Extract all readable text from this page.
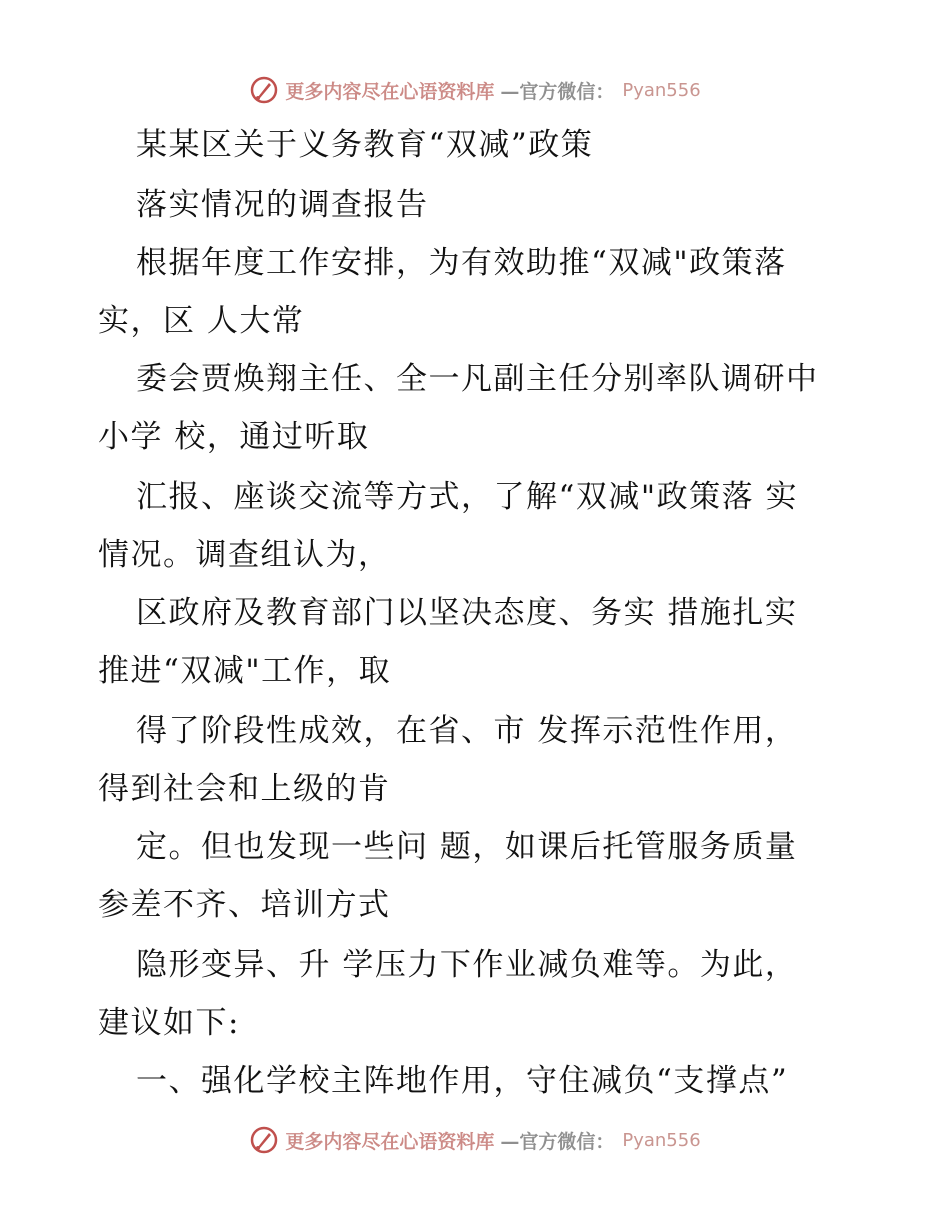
更多内容尽在心语资料库 —官方微信： Pyan556
某某区关于义务教育“双减”政策
落实情况的调查报告
根据年度工作安排，为有效助推“双减"政策落
实，区 人大常
委会贾焕翔主任、全一凡副主任分别率队调研中
小学 校，通过听取
汇报、座谈交流等方式，了解“双减"政策落 实
情况。调查组认为，
区政府及教育部门以坚决态度、务实 措施扎实
推进“双减"工作，取
得了阶段性成效，在省、市 发挥示范性作用，
得到社会和上级的肯
定。但也发现一些问 题，如课后托管服务质量
参差不齐、培训方式
隐形变异、升 学压力下作业减负难等。为此，
建议如下:
一、强化学校主阵地作用，守住减负“支撑点”
更多内容尽在心语资料库 —官方微信： Pyan556
